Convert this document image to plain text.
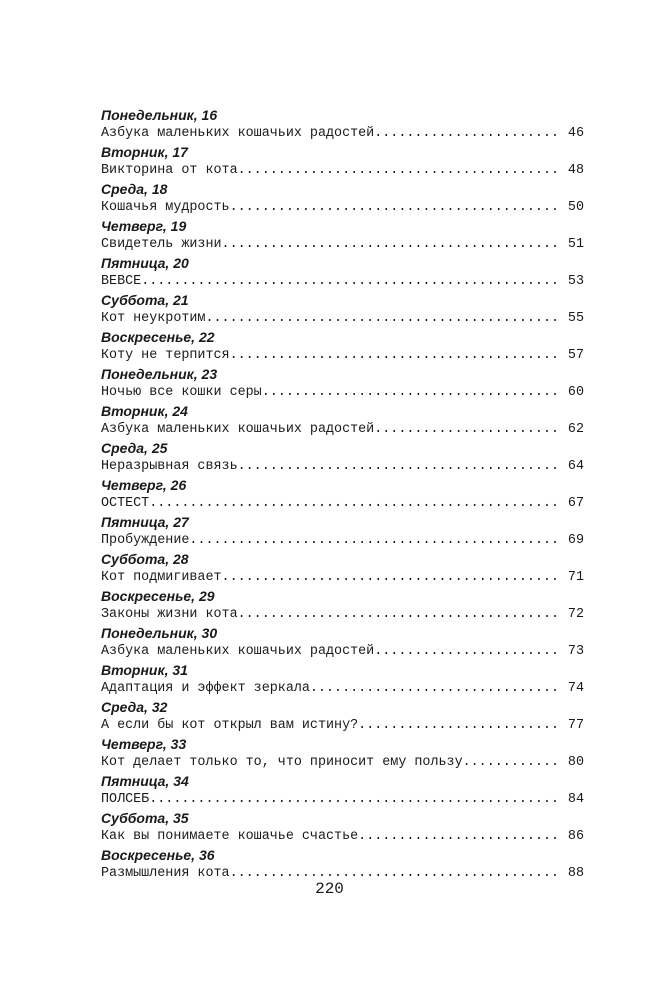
Понедельник, 16
Азбука маленьких кошачьих радостей .....	46
Вторник, 17
Викторина от кота .....	48
Среда, 18
Кошачья мудрость .....	50
Четверг, 19
Свидетель жизни .....	51
Пятница, 20
BEBCE .....	53
Суббота, 21
Кот неукротим .....	55
Воскресенье, 22
Коту не терпится .....	57
Понедельник, 23
Ночью все кошки серы .....	60
Вторник, 24
Азбука маленьких кошачьих радостей .....	62
Среда, 25
Неразрывная связь .....	64
Четверг, 26
OCTECT .....	67
Пятница, 27
Пробуждение .....	69
Суббота, 28
Кот подмигивает .....	71
Воскресенье, 29
Законы жизни кота .....	72
Понедельник, 30
Азбука маленьких кошачьих радостей .....	73
Вторник, 31
Адаптация и эффект зеркала .....	74
Среда, 32
А если бы кот открыл вам истину? .....	77
Четверг, 33
Кот делает только то, что приносит ему пользу .....	80
Пятница, 34
ПОЛСЕБ .....	84
Суббота, 35
Как вы понимаете кошачье счастье .....	86
Воскресенье, 36
Размышления кота .....	88
220
